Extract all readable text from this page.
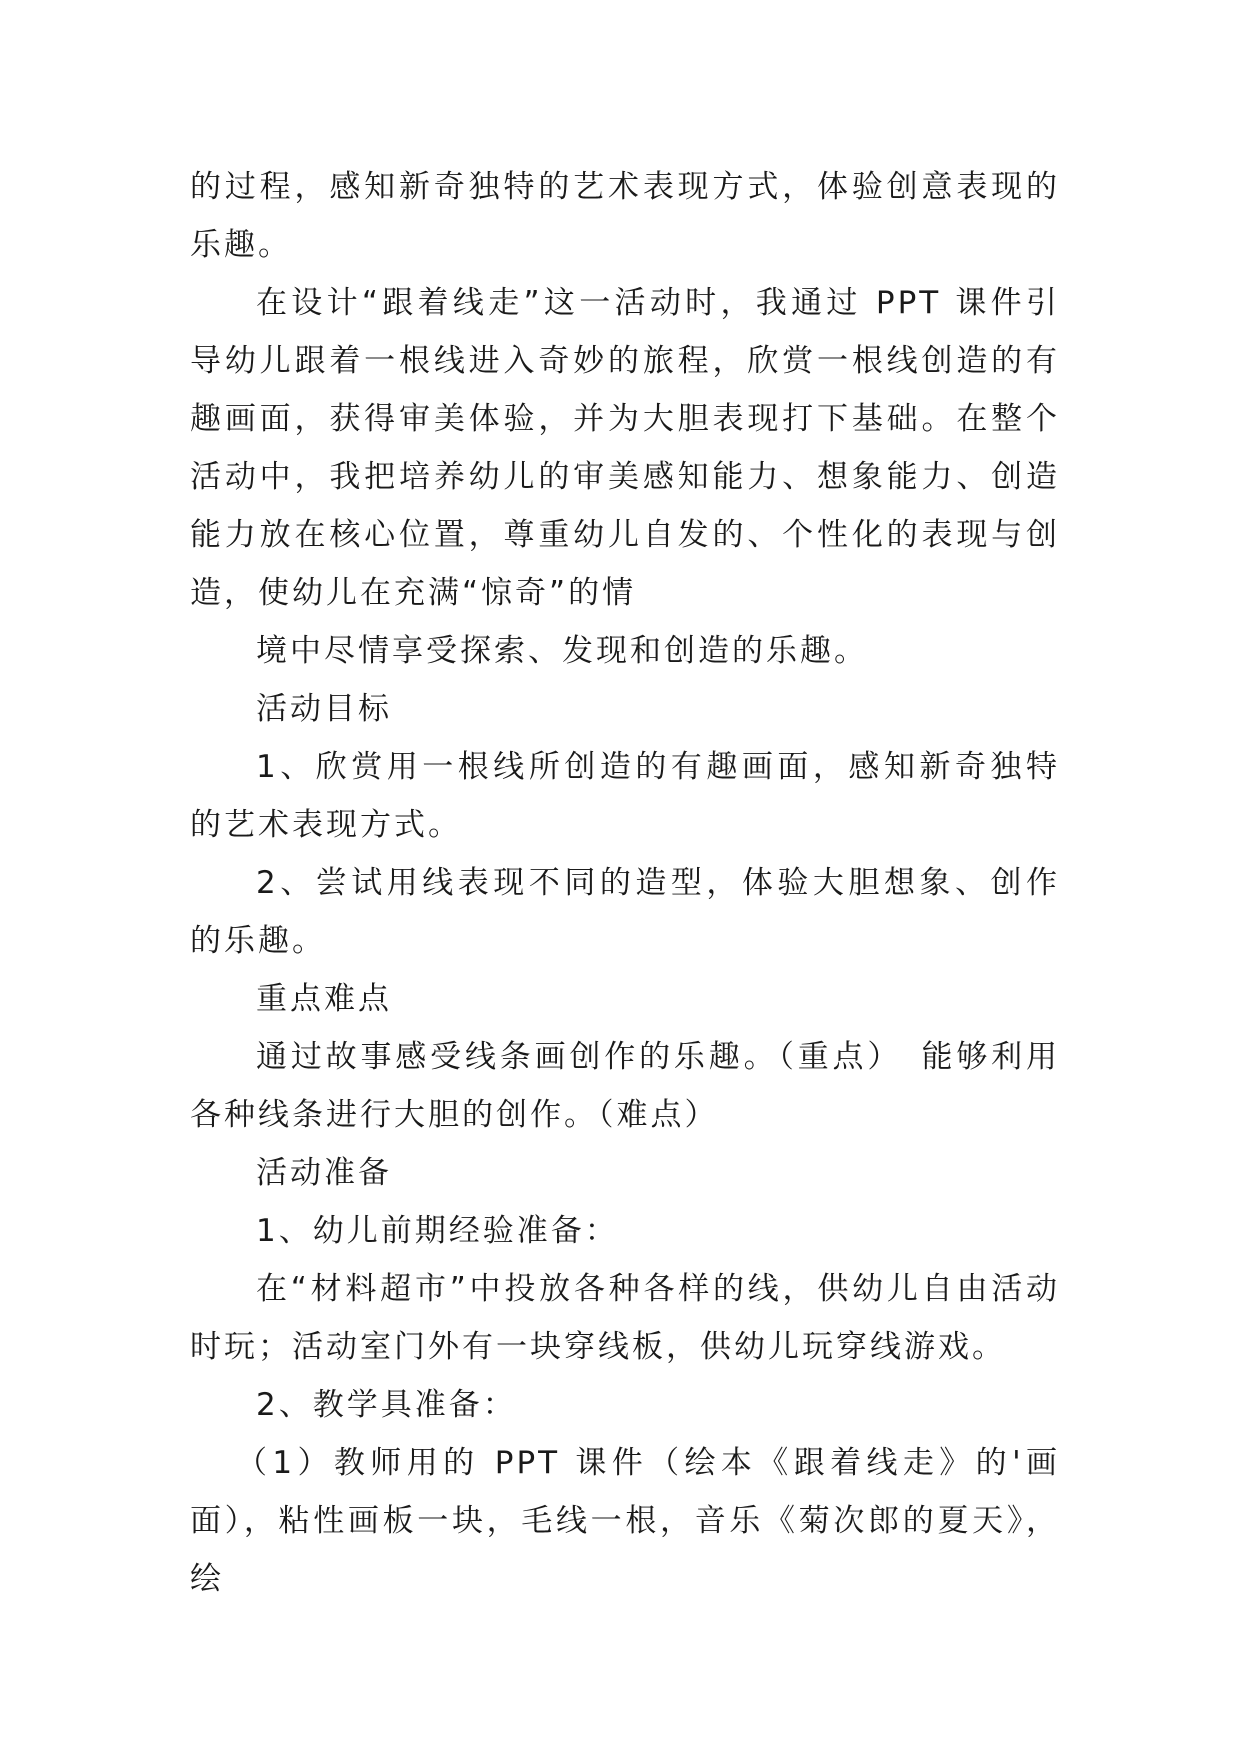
的过程，感知新奇独特的艺术表现方式，体验创意表现的乐趣。

在设计“跟着线走”这一活动时，我通过 PPT 课件引导幼儿跟着一根线进入奇妙的旅程，欣赏一根线创造的有趣画面，获得审美体验，并为大胆表现打下基础。在整个活动中，我把培养幼儿的审美感知能力、想象能力、创造能力放在核心位置，尊重幼儿自发的、个性化的表现与创造，使幼儿在充满“惊奇”的情

境中尽情享受探索、发现和创造的乐趣。

活动目标

1、欣赏用一根线所创造的有趣画面，感知新奇独特的艺术表现方式。

2、尝试用线表现不同的造型，体验大胆想象、创作的乐趣。

重点难点

通过故事感受线条画创作的乐趣。（重点）　能够利用各种线条进行大胆的创作。（难点）

活动准备

1、幼儿前期经验准备：

在“材料超市”中投放各种各样的线，供幼儿自由活动时玩；活动室门外有一块穿线板，供幼儿玩穿线游戏。

2、教学具准备：

（1）教师用的 PPT 课件（绘本《跟着线走》的'画面），粘性画板一块，毛线一根，音乐《菊次郎的夏天》，绘
